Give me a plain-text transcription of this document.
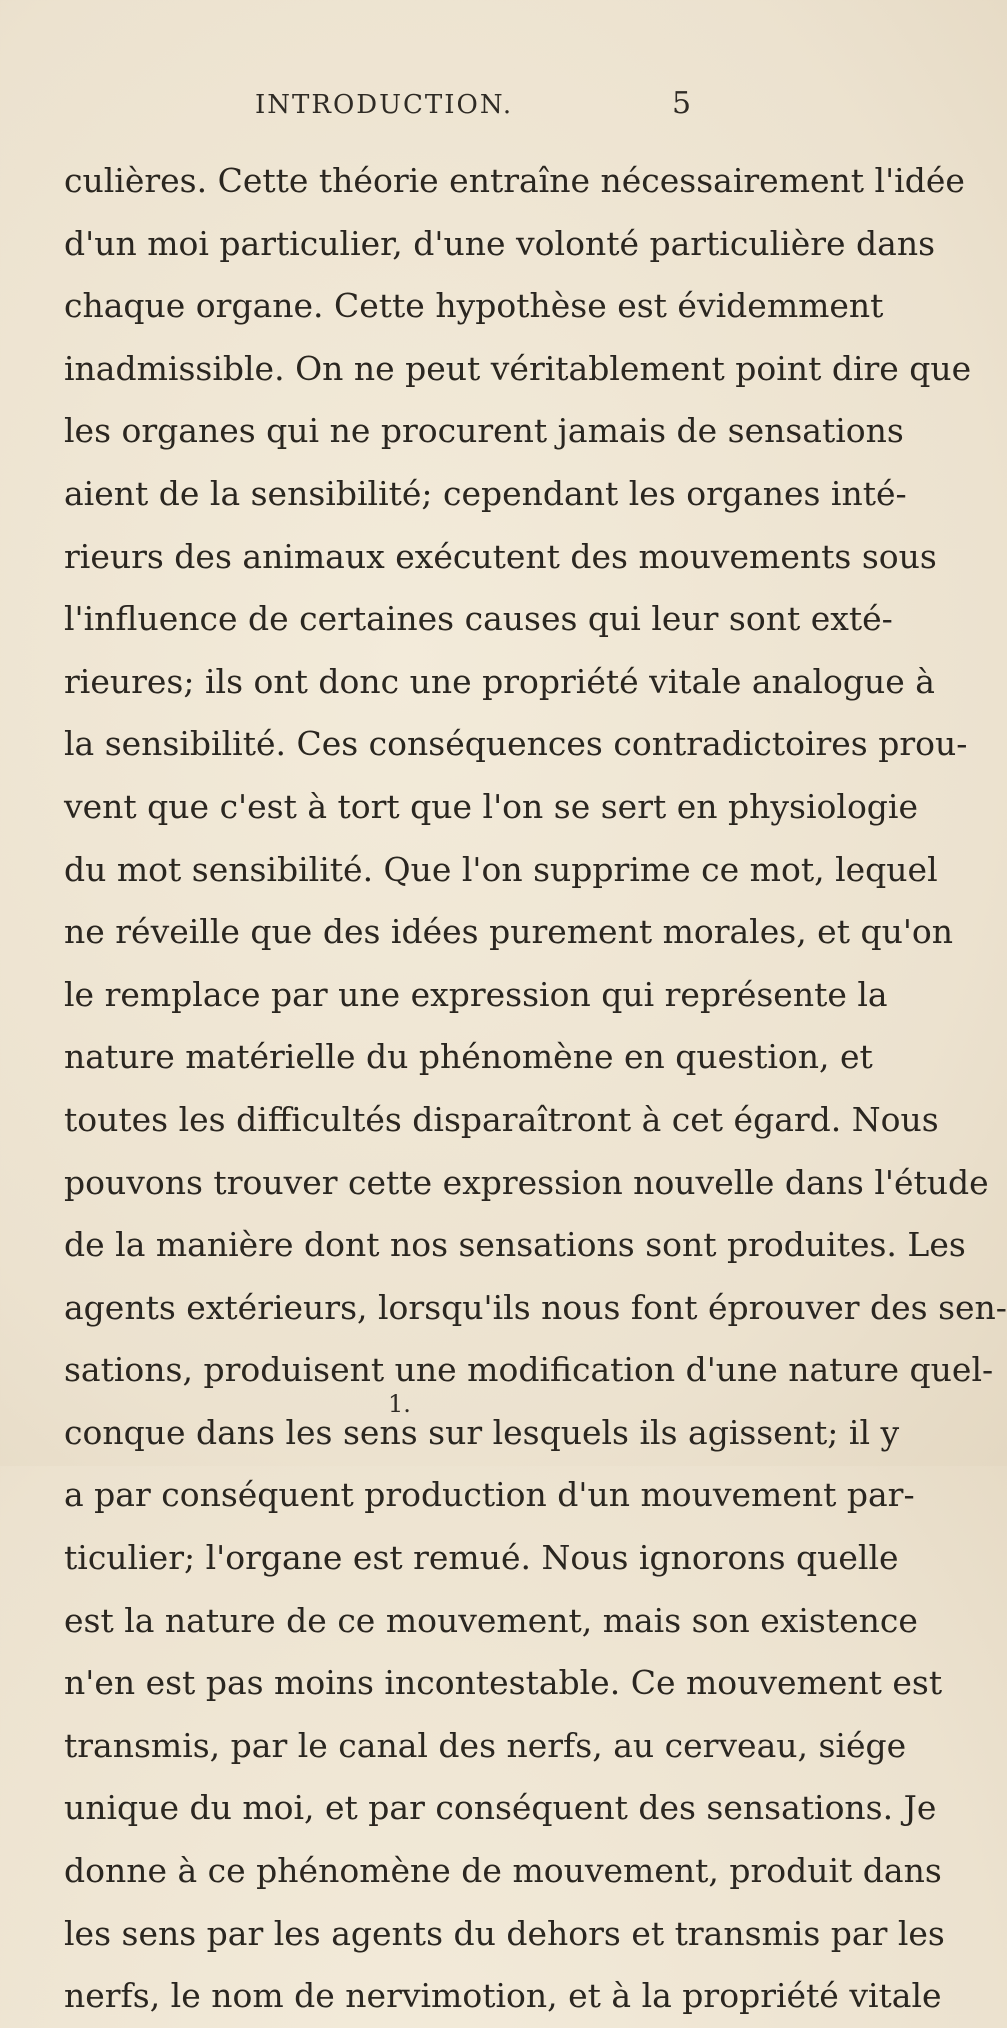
INTRODUCTION.	5
culières. Cette théorie entraîne nécessairement l'idée
d'un moi particulier, d'une volonté particulière dans
chaque organe. Cette hypothèse est évidemment
inadmissible. On ne peut véritablement point dire que
les organes qui ne procurent jamais de sensations
aient de la sensibilité; cependant les organes inté-
rieurs des animaux exécutent des mouvements sous
l'influence de certaines causes qui leur sont exté-
rieures; ils ont donc une propriété vitale analogue à
la sensibilité. Ces conséquences contradictoires prou-
vent que c'est à tort que l'on se sert en physiologie
du mot sensibilité. Que l'on supprime ce mot, lequel
ne réveille que des idées purement morales, et qu'on
le remplace par une expression qui représente la
nature matérielle du phénomène en question, et
toutes les difficultés disparaîtront à cet égard. Nous
pouvons trouver cette expression nouvelle dans l'étude
de la manière dont nos sensations sont produites. Les
agents extérieurs, lorsqu'ils nous font éprouver des sen-
sations, produisent une modification d'une nature quel-
conque dans les sens sur lesquels ils agissent; il y
a par conséquent production d'un mouvement par-
ticulier; l'organe est remué. Nous ignorons quelle
est la nature de ce mouvement, mais son existence
n'en est pas moins incontestable. Ce mouvement est
transmis, par le canal des nerfs, au cerveau, siége
unique du moi, et par conséquent des sensations. Je
donne à ce phénomène de mouvement, produit dans
les sens par les agents du dehors et transmis par les
nerfs, le nom de nervimotion, et à la propriété vitale
1.
